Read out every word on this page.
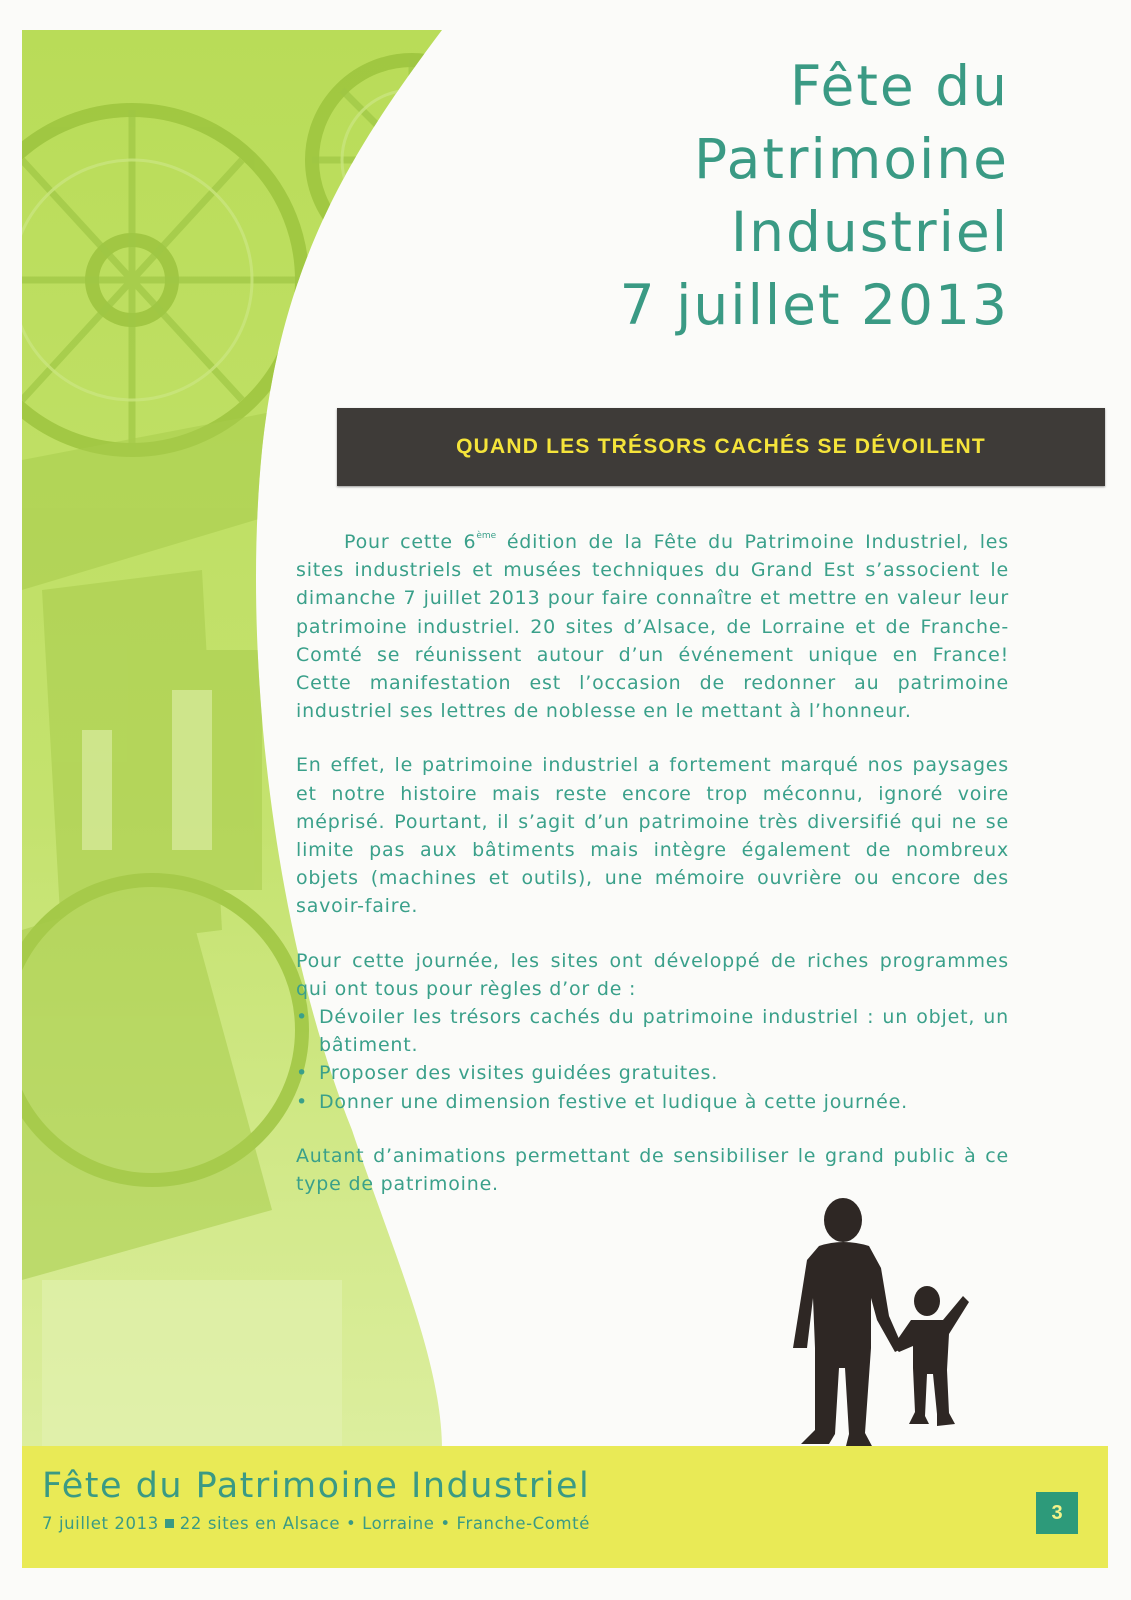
Fête du
Patrimoine
Industriel
7 juillet 2013
QUAND LES TRÉSORS CACHÉS SE DÉVOILENT

Pour cette 6ème édition de la Fête du Patrimoine Industriel, les sites industriels et musées techniques du Grand Est s’associent le dimanche 7 juillet 2013 pour faire connaître et mettre en valeur leur patrimoine industriel. 20 sites d’Alsace, de Lorraine et de Franche-Comté se réunissent autour d’un événement unique en France! Cette manifestation est l’occasion de redonner au patrimoine industriel ses lettres de noblesse en le mettant à l’honneur.

En effet, le patrimoine industriel a fortement marqué nos paysages et notre histoire mais reste encore trop méconnu, ignoré voire méprisé. Pourtant, il s’agit d’un patrimoine très diversifié qui ne se limite pas aux bâtiments mais intègre également de nombreux objets (machines et outils), une mémoire ouvrière ou encore des savoir-faire.

Pour cette journée, les sites ont développé de riches programmes qui ont tous pour règles d’or de :
• Dévoiler les trésors cachés du patrimoine industriel : un objet, un bâtiment.
• Proposer des visites guidées gratuites.
• Donner une dimension festive et ludique à cette journée.

Autant d’animations permettant de sensibiliser le grand public à ce type de patrimoine.

Fête du Patrimoine Industriel
7 juillet 2013 22 sites en Alsace • Lorraine • Franche-Comté	3
